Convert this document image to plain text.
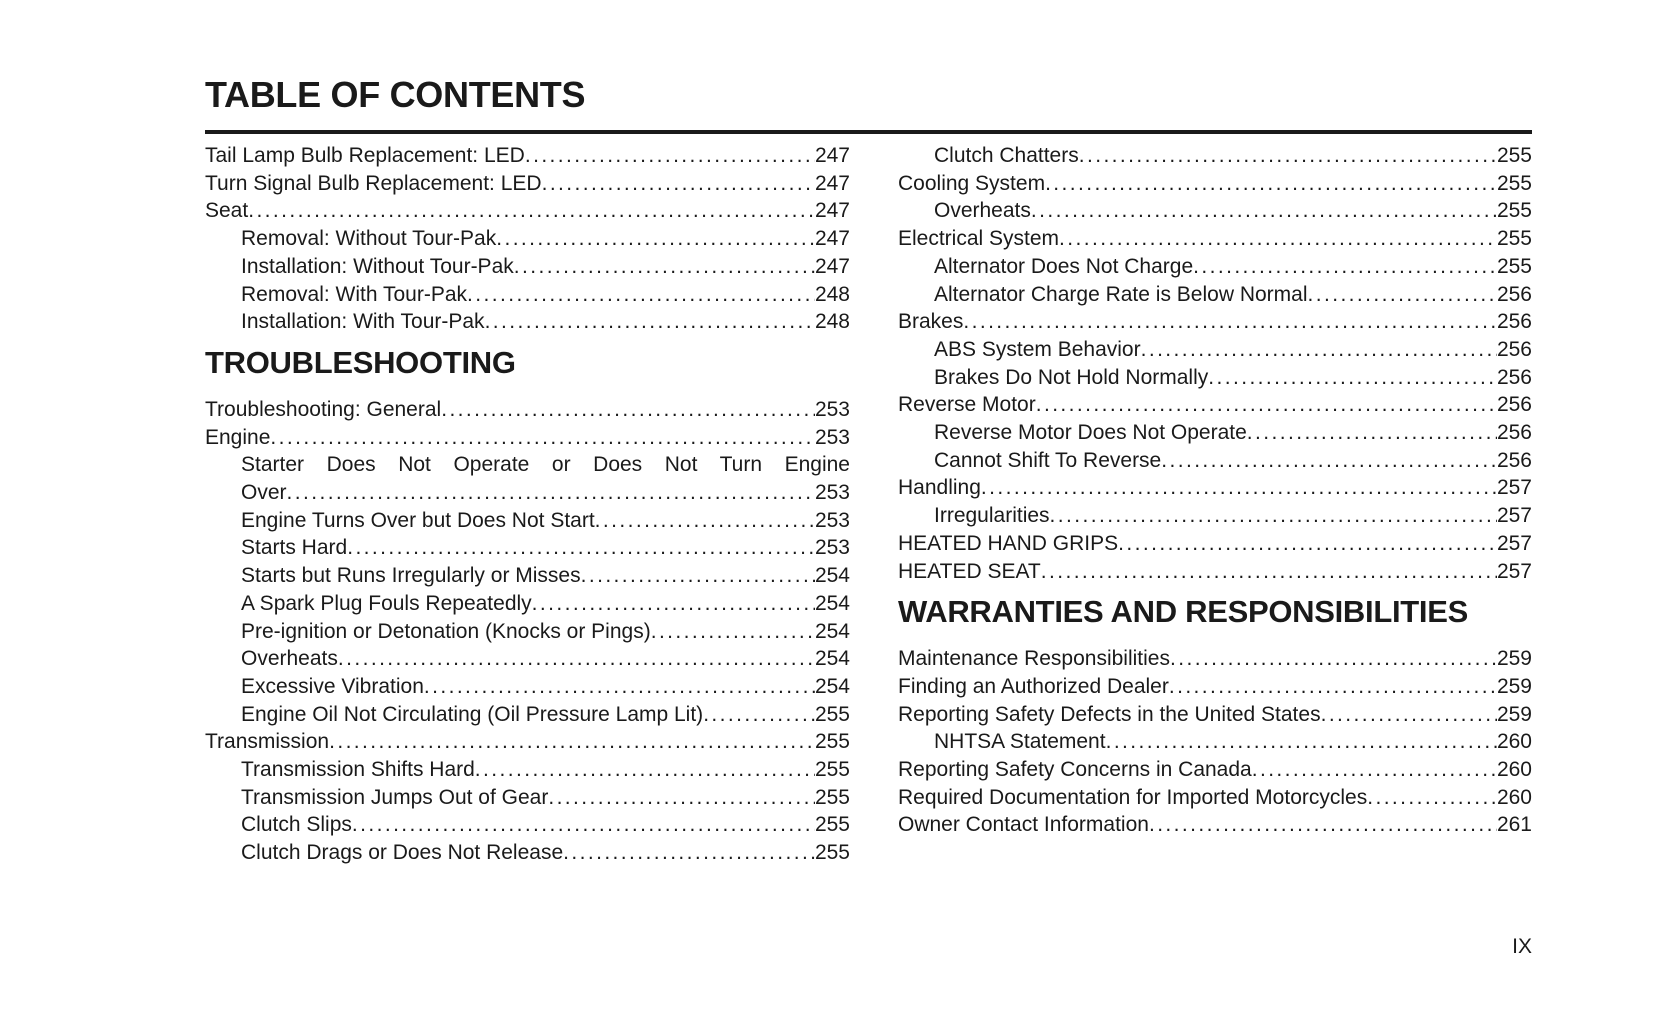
TABLE OF CONTENTS
Tail Lamp Bulb Replacement: LED .....	247
Turn Signal Bulb Replacement: LED .....	247
Seat .....	247
Removal: Without Tour-Pak .....	247
Installation: Without Tour-Pak .....	247
Removal: With Tour-Pak .....	248
Installation: With Tour-Pak .....	248
TROUBLESHOOTING
Troubleshooting: General .....	253
Engine .....	253
Starter Does Not Operate or Does Not Turn Engine
Over .....	253
Engine Turns Over but Does Not Start .....	253
Starts Hard .....	253
Starts but Runs Irregularly or Misses .....	254
A Spark Plug Fouls Repeatedly .....	254
Pre-ignition or Detonation (Knocks or Pings) .....	254
Overheats .....	254
Excessive Vibration .....	254
Engine Oil Not Circulating (Oil Pressure Lamp Lit) .....	255
Transmission .....	255
Transmission Shifts Hard .....	255
Transmission Jumps Out of Gear .....	255
Clutch Slips .....	255
Clutch Drags or Does Not Release .....	255
Clutch Chatters .....	255
Cooling System .....	255
Overheats .....	255
Electrical System .....	255
Alternator Does Not Charge .....	255
Alternator Charge Rate is Below Normal .....	256
Brakes .....	256
ABS System Behavior .....	256
Brakes Do Not Hold Normally .....	256
Reverse Motor .....	256
Reverse Motor Does Not Operate .....	256
Cannot Shift To Reverse .....	256
Handling .....	257
Irregularities .....	257
HEATED HAND GRIPS .....	257
HEATED SEAT .....	257
WARRANTIES AND RESPONSIBILITIES
Maintenance Responsibilities .....	259
Finding an Authorized Dealer .....	259
Reporting Safety Defects in the United States .....	259
NHTSA Statement .....	260
Reporting Safety Concerns in Canada .....	260
Required Documentation for Imported Motorcycles .....	260
Owner Contact Information .....	261
IX
